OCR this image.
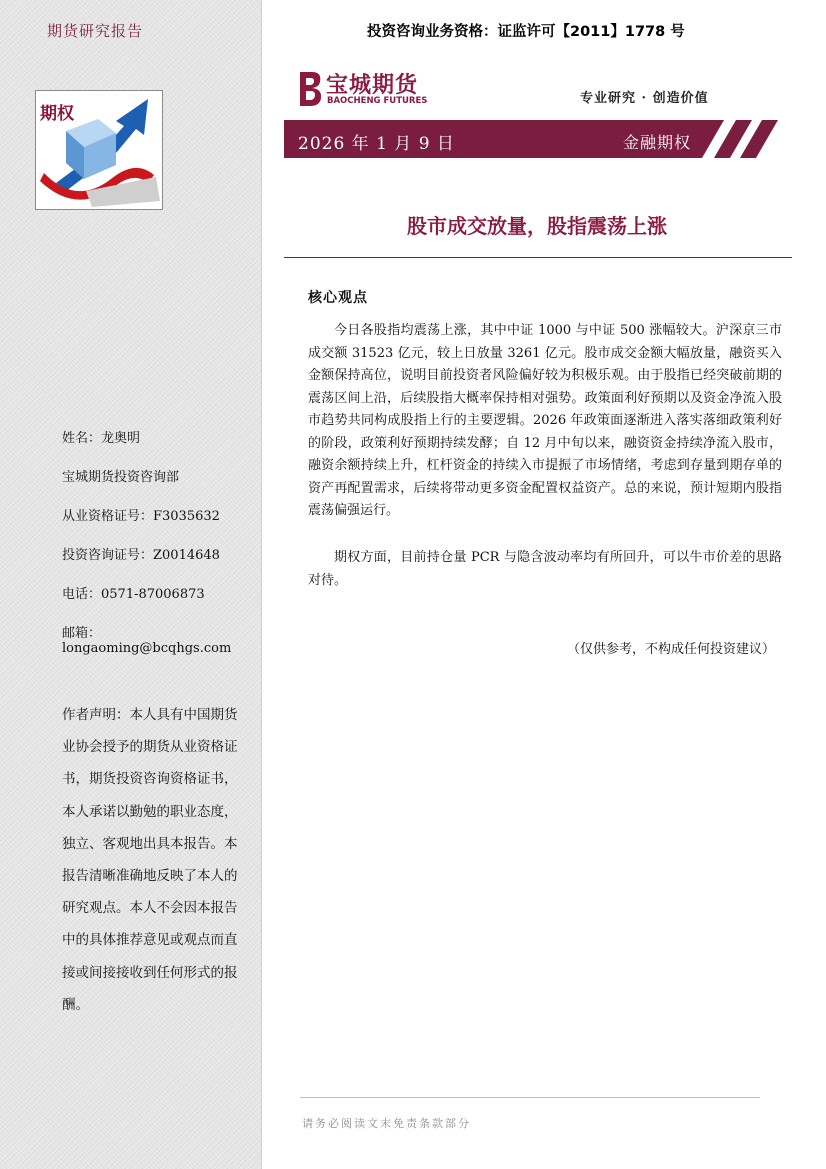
期货研究报告
UP
期权
姓名：龙奥明
宝城期货投资咨询部
从业资格证号：F3035632
投资咨询证号：Z0014648
电话：0571-87006873
邮箱：longaoming@bcqhgs.com
作者声明：本人具有中国期货业协会授予的期货从业资格证书，期货投资咨询资格证书，本人承诺以勤勉的职业态度，独立、客观地出具本报告。本报告清晰准确地反映了本人的研究观点。本人不会因本报告中的具体推荐意见或观点而直接或间接接收到任何形式的报酬。
投资咨询业务资格：证监许可【2011】1778 号
宝城期货
BAOCHENG FUTURES	专业研究 · 创造价值
2026 年 1 月 9 日	金融期权
股市成交放量，股指震荡上涨
核心观点
今日各股指均震荡上涨，其中中证 1000 与中证 500 涨幅较大。沪深京三市成交额 31523 亿元，较上日放量 3261 亿元。股市成交金额大幅放量，融资买入金额保持高位，说明目前投资者风险偏好较为积极乐观。由于股指已经突破前期的震荡区间上沿，后续股指大概率保持相对强势。政策面利好预期以及资金净流入股市趋势共同构成股指上行的主要逻辑。2026 年政策面逐渐进入落实落细政策利好的阶段，政策利好预期持续发酵；自 12 月中旬以来，融资资金持续净流入股市，融资余额持续上升，杠杆资金的持续入市提振了市场情绪，考虑到存量到期存单的资产再配置需求，后续将带动更多资金配置权益资产。总的来说，预计短期内股指震荡偏强运行。
期权方面，目前持仓量 PCR 与隐含波动率均有所回升，可以牛市价差的思路对待。
（仅供参考，不构成任何投资建议）
请务必阅读文末免责条款部分
